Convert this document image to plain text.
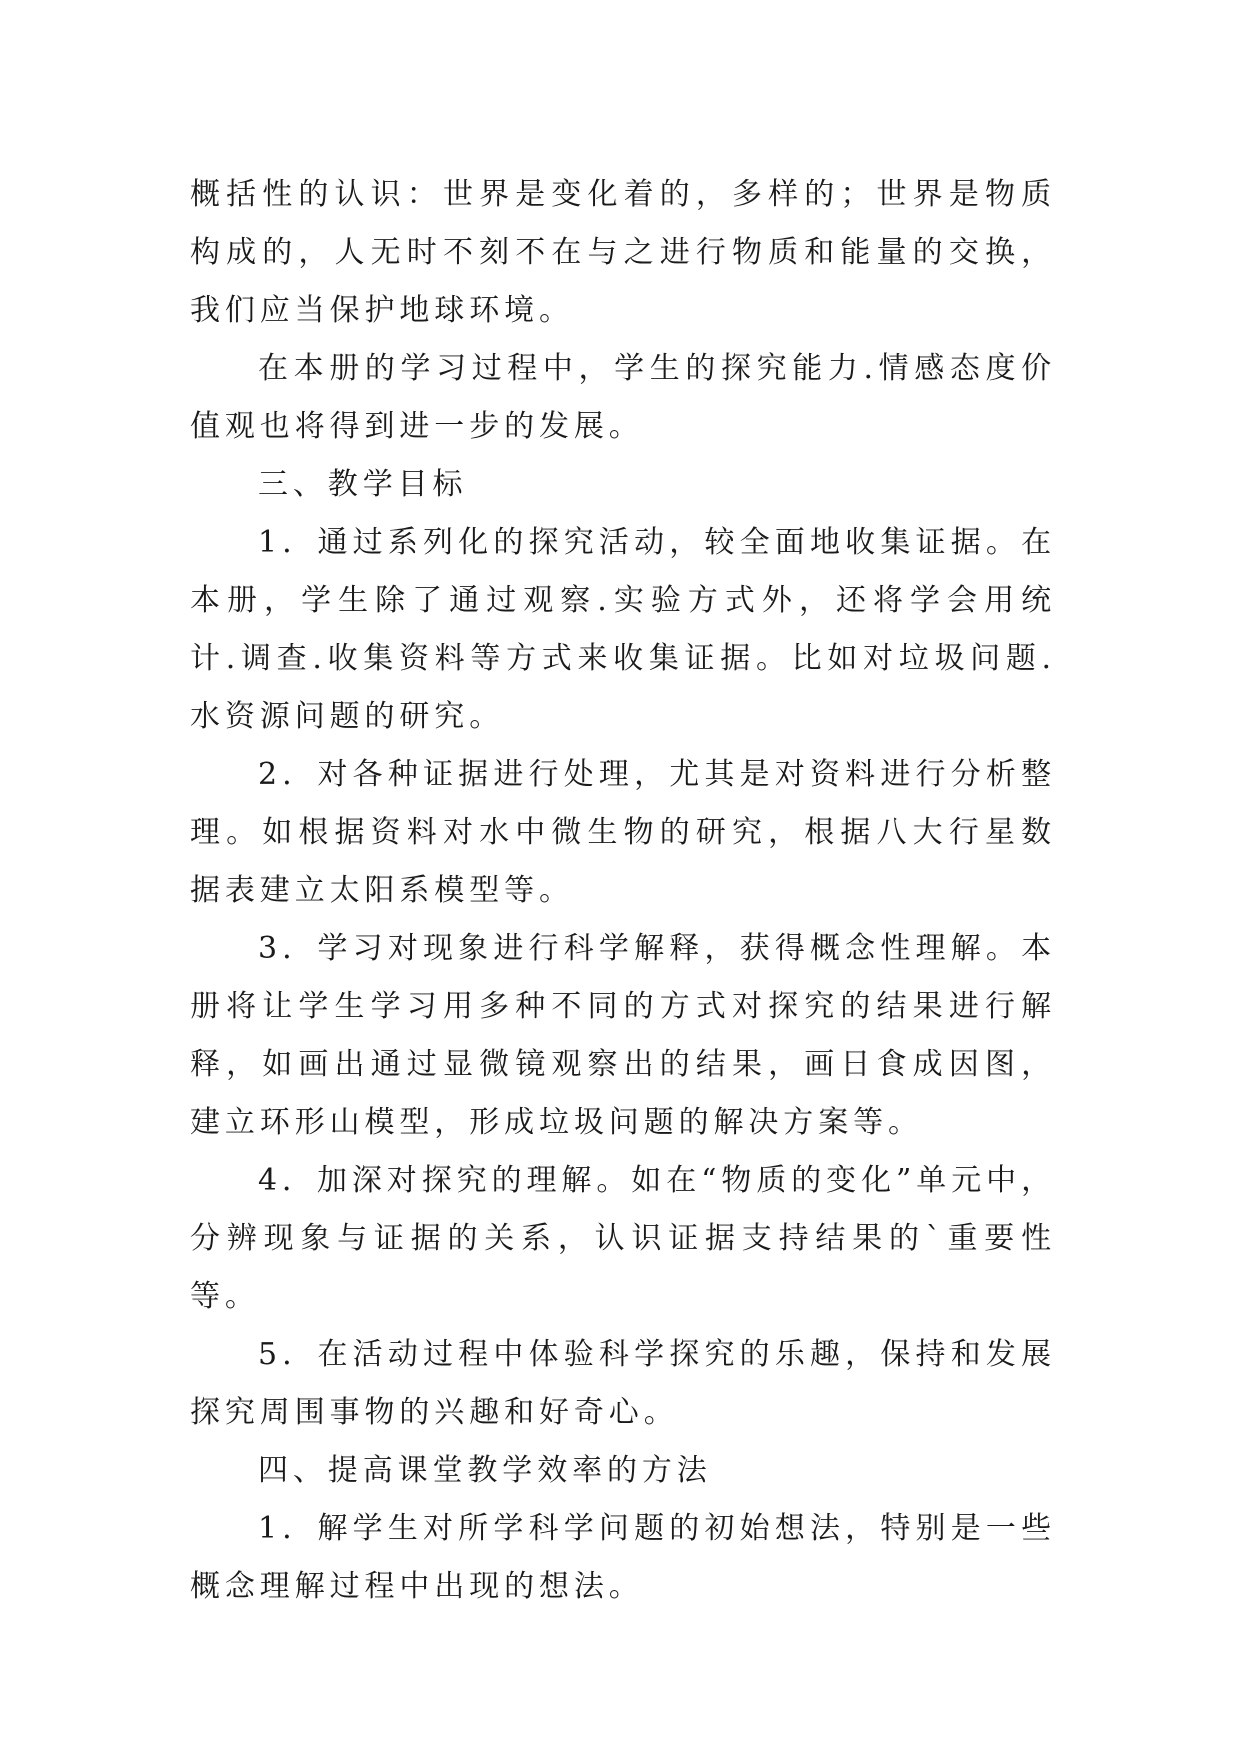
概括性的认识：世界是变化着的，多样的；世界是物质构成的，人无时不刻不在与之进行物质和能量的交换，我们应当保护地球环境。

在本册的学习过程中，学生的探究能力.情感态度价值观也将得到进一步的发展。

三、教学目标

1．通过系列化的探究活动，较全面地收集证据。在本册，学生除了通过观察.实验方式外，还将学会用统计.调查.收集资料等方式来收集证据。比如对垃圾问题.水资源问题的研究。

2．对各种证据进行处理，尤其是对资料进行分析整理。如根据资料对水中微生物的研究，根据八大行星数据表建立太阳系模型等。

3．学习对现象进行科学解释，获得概念性理解。本册将让学生学习用多种不同的方式对探究的结果进行解释，如画出通过显微镜观察出的结果，画日食成因图，建立环形山模型，形成垃圾问题的解决方案等。

4．加深对探究的理解。如在“物质的变化”单元中，分辨现象与证据的关系，认识证据支持结果的`重要性等。

5．在活动过程中体验科学探究的乐趣，保持和发展探究周围事物的兴趣和好奇心。

四、提高课堂教学效率的方法

1．解学生对所学科学问题的初始想法，特别是一些概念理解过程中出现的想法。
